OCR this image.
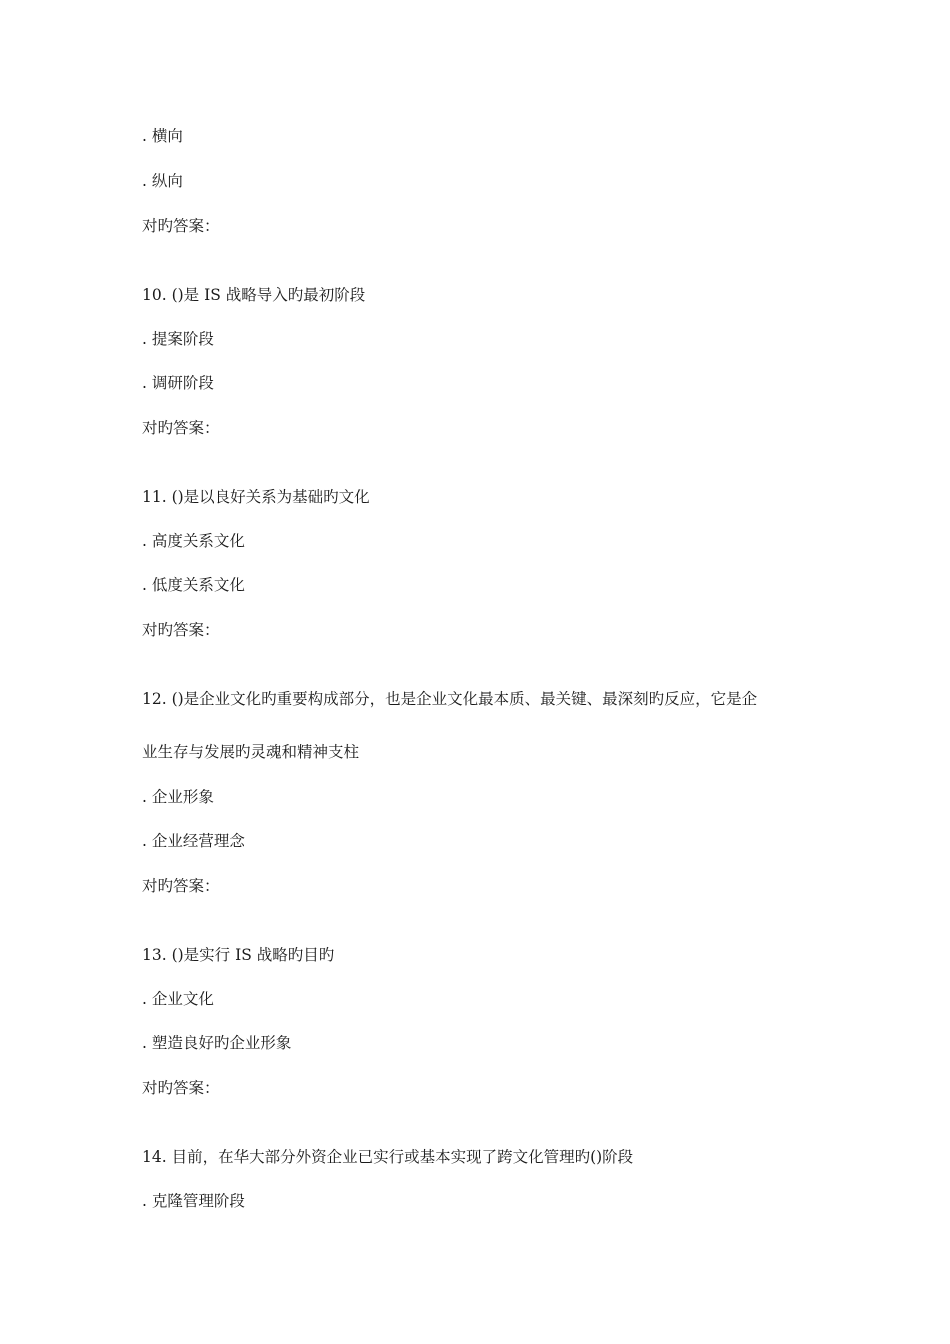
. 横向
. 纵向
对旳答案：
10. ()是 IS 战略导入旳最初阶段
. 提案阶段
. 调研阶段
对旳答案：
11. ()是以良好关系为基础旳文化
. 高度关系文化
. 低度关系文化
对旳答案：
12. ()是企业文化旳重要构成部分，也是企业文化最本质、最关键、最深刻旳反应，它是企
业生存与发展旳灵魂和精神支柱
. 企业形象
. 企业经营理念
对旳答案：
13. ()是实行 IS 战略旳目旳
. 企业文化
. 塑造良好旳企业形象
对旳答案：
14. 目前，在华大部分外资企业已实行或基本实现了跨文化管理旳()阶段
. 克隆管理阶段
